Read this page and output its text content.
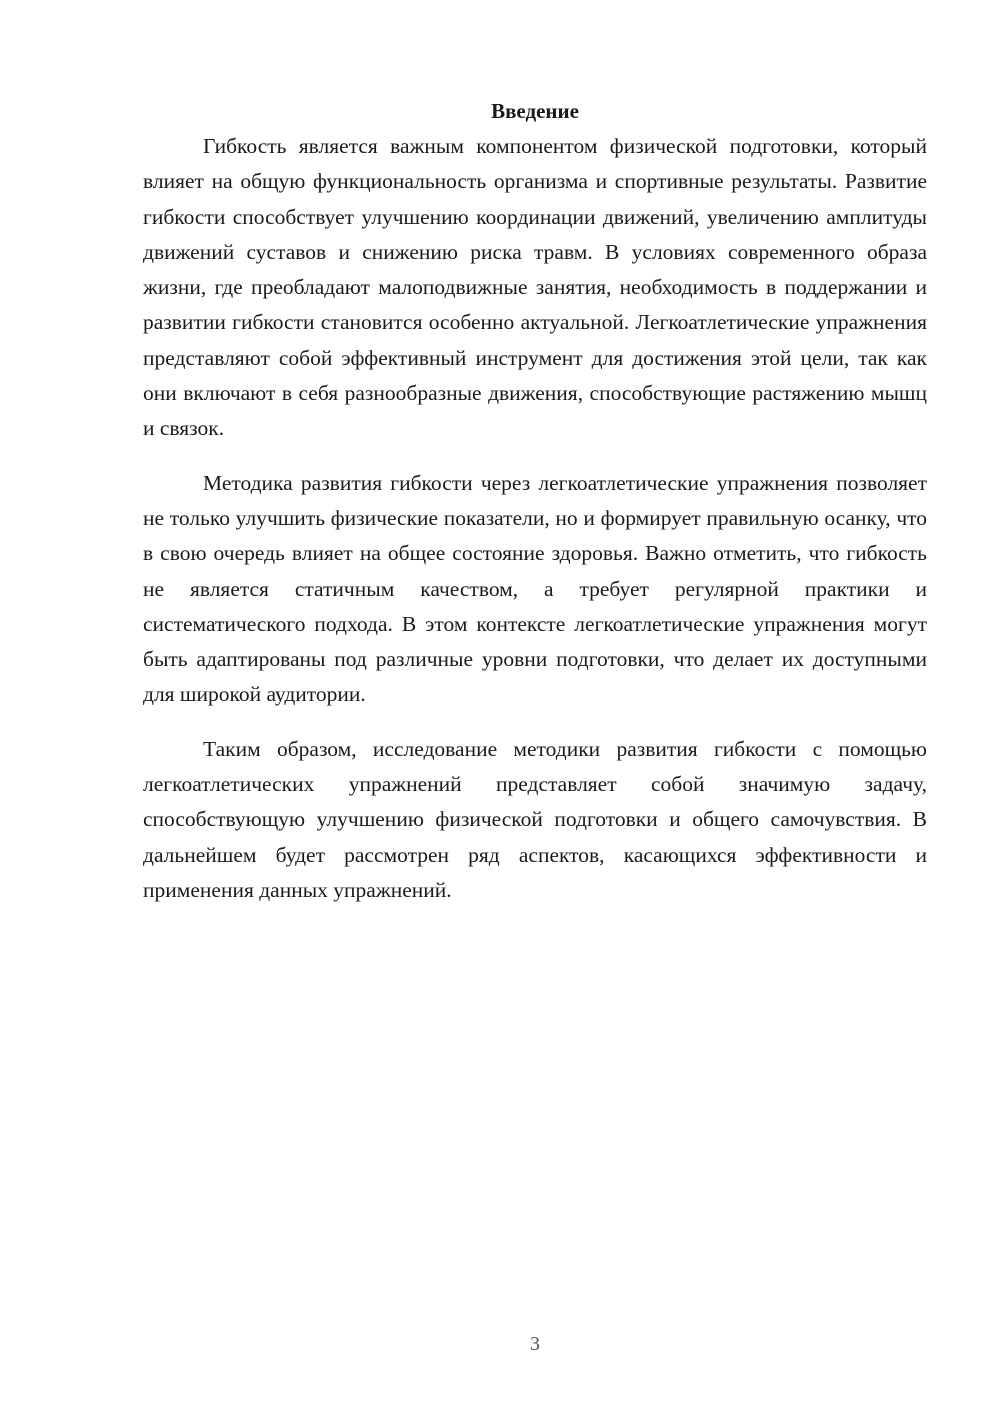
Введение

Гибкость является важным компонентом физической подготовки, который влияет на общую функциональность организма и спортивные результаты. Развитие гибкости способствует улучшению координации движений, увеличению амплитуды движений суставов и снижению риска травм. В условиях современного образа жизни, где преобладают малоподвижные занятия, необходимость в поддержании и развитии гибкости становится особенно актуальной. Легкоатлетические упражнения представляют собой эффективный инструмент для достижения этой цели, так как они включают в себя разнообразные движения, способствующие растяжению мышц и связок.

Методика развития гибкости через легкоатлетические упражнения позволяет не только улучшить физические показатели, но и формирует правильную осанку, что в свою очередь влияет на общее состояние здоровья. Важно отметить, что гибкость не является статичным качеством, а требует регулярной практики и систематического подхода. В этом контексте легкоатлетические упражнения могут быть адаптированы под различные уровни подготовки, что делает их доступными для широкой аудитории.

Таким образом, исследование методики развития гибкости с помощью легкоатлетических упражнений представляет собой значимую задачу, способствующую улучшению физической подготовки и общего самочувствия. В дальнейшем будет рассмотрен ряд аспектов, касающихся эффективности и применения данных упражнений.

3
